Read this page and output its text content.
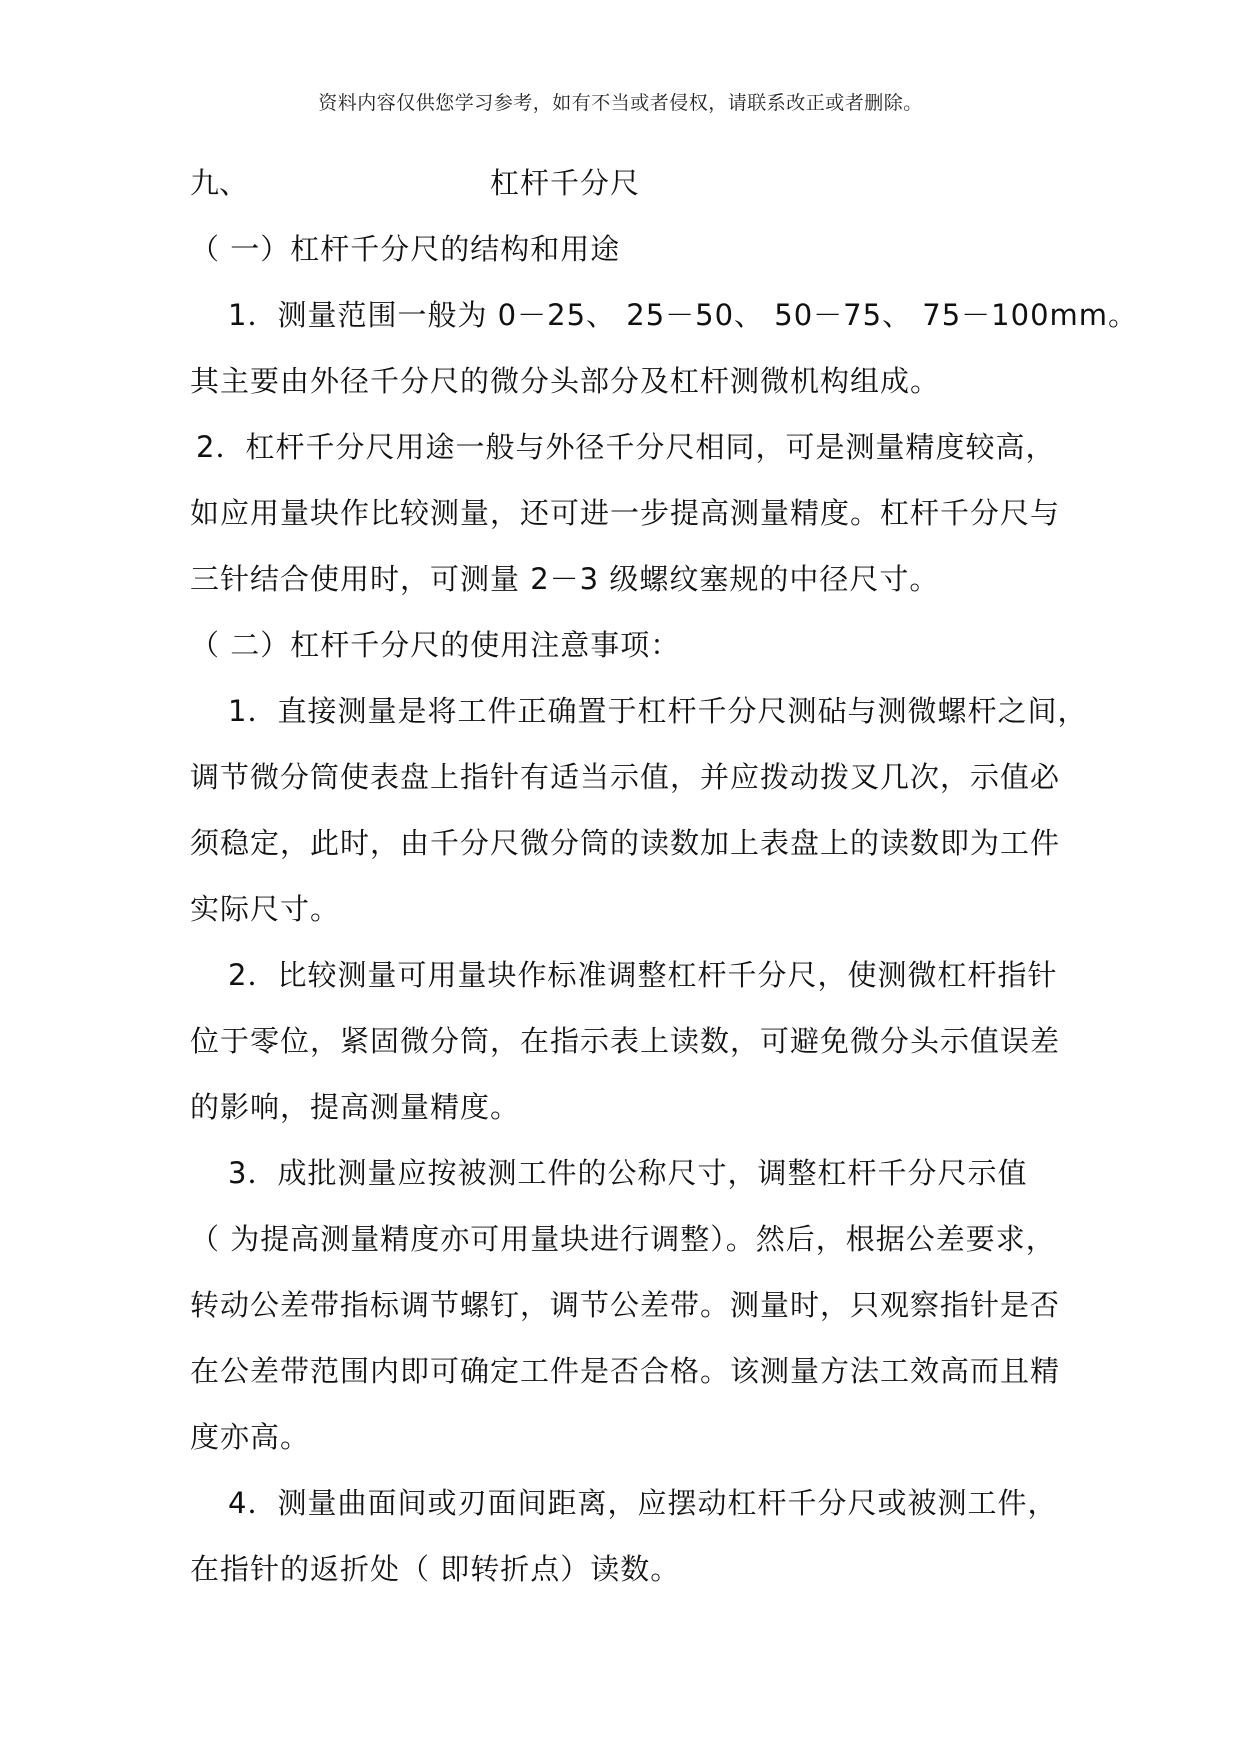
资料内容仅供您学习参考，如有不当或者侵权，请联系改正或者删除。
九、	杠杆千分尺
（ 一）杠杆千分尺的结构和用途
1．测量范围一般为 0－25、 25－50、 50－75、 75－100mm。
其主要由外径千分尺的微分头部分及杠杆测微机构组成。
2．杠杆千分尺用途一般与外径千分尺相同，可是测量精度较高，
如应用量块作比较测量，还可进一步提高测量精度。杠杆千分尺与
三针结合使用时，可测量 2－3 级螺纹塞规的中径尺寸。
（ 二）杠杆千分尺的使用注意事项：
1．直接测量是将工件正确置于杠杆千分尺测砧与测微螺杆之间，
调节微分筒使表盘上指针有适当示值，并应拨动拨叉几次，示值必
须稳定，此时，由千分尺微分筒的读数加上表盘上的读数即为工件
实际尺寸。
2．比较测量可用量块作标准调整杠杆千分尺，使测微杠杆指针
位于零位，紧固微分筒，在指示表上读数，可避免微分头示值误差
的影响，提高测量精度。
3．成批测量应按被测工件的公称尺寸，调整杠杆千分尺示值
（ 为提高测量精度亦可用量块进行调整）。然后，根据公差要求，
转动公差带指标调节螺钉，调节公差带。测量时，只观察指针是否
在公差带范围内即可确定工件是否合格。该测量方法工效高而且精
度亦高。
4．测量曲面间或刃面间距离，应摆动杠杆千分尺或被测工件，
在指针的返折处（ 即转折点）读数。
